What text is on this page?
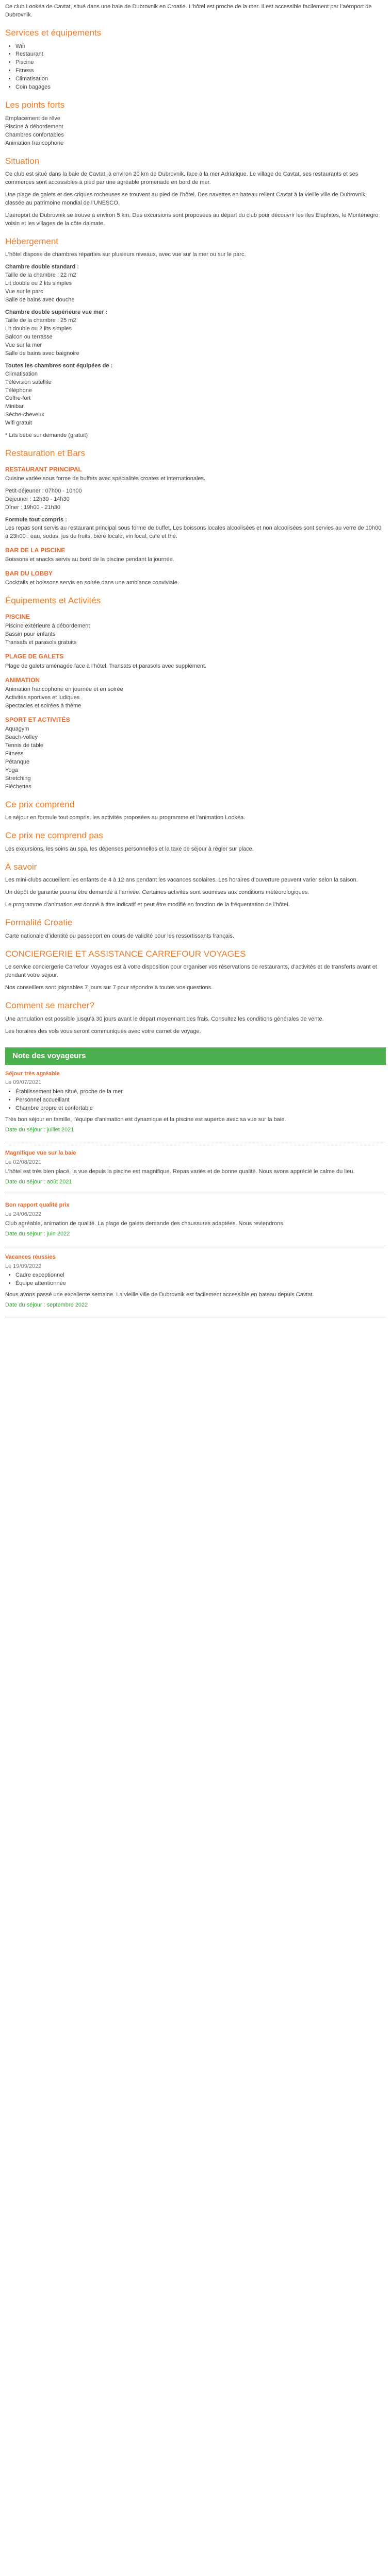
Ce club Lookéa de Cavtat, situé dans une baie de Dubrovnik en Croatie. L’hôtel est proche de la mer. Il est accessible facilement par l’aéroport de Dubrovnik.

Services et équipements
• Wifi
• Restaurant
• Piscine
• Fitness
• Climatisation
• Coin bagages
Les points forts

Emplacement de rêve

Piscine à débordement

Chambres confortables

Animation francophone

Situation

Ce club est situé dans la baie de Cavtat, à environ 20 km de Dubrovnik, face à la mer Adriatique. Le village de Cavtat, ses restaurants et ses commerces sont accessibles à pied par une agréable promenade en bord de mer.

Une plage de galets et des criques rocheuses se trouvent au pied de l’hôtel. Des navettes en bateau relient Cavtat à la vieille ville de Dubrovnik, classée au patrimoine mondial de l’UNESCO.

L’aéroport de Dubrovnik se trouve à environ 5 km. Des excursions sont proposées au départ du club pour découvrir les îles Elaphites, le Monténégro voisin et les villages de la côte dalmate.

Hébergement

L’hôtel dispose de chambres réparties sur plusieurs niveaux, avec vue sur la mer ou sur le parc.

Chambre double standard :

Taille de la chambre : 22 m2

Lit double ou 2 lits simples

Vue sur le parc

Salle de bains avec douche

Chambre double supérieure vue mer :

Taille de la chambre : 25 m2

Lit double ou 2 lits simples

Balcon ou terrasse

Vue sur la mer

Salle de bains avec baignoire

Toutes les chambres sont équipées de :

Climatisation

Télévision satellite

Téléphone

Coffre-fort

Minibar

Sèche-cheveux

Wifi gratuit

* Lits bébé sur demande (gratuit)

Restauration et Bars
RESTAURANT PRINCIPAL

Cuisine variée sous forme de buffets avec spécialités croates et internationales.

Petit-déjeuner : 07h00 - 10h00

Déjeuner : 12h30 - 14h30

Dîner : 19h00 - 21h30

Formule tout compris :

Les repas sont servis au restaurant principal sous forme de buffet. Les boissons locales alcoolisées et non alcoolisées sont servies au verre de 10h00 à 23h00 : eau, sodas, jus de fruits, bière locale, vin local, café et thé.

BAR DE LA PISCINE

Boissons et snacks servis au bord de la piscine pendant la journée.

BAR DU LOBBY

Cocktails et boissons servis en soirée dans une ambiance conviviale.

Équipements et Activités
PISCINE

Piscine extérieure à débordement

Bassin pour enfants

Transats et parasols gratuits

PLAGE DE GALETS

Plage de galets aménagée face à l’hôtel. Transats et parasols avec supplément.

ANIMATION

Animation francophone en journée et en soirée

Activités sportives et ludiques

Spectacles et soirées à thème

SPORT ET ACTIVITÉS

Aquagym

Beach-volley

Tennis de table

Fitness

Pétanque

Yoga

Stretching

Fléchettes

Ce prix comprend

Le séjour en formule tout compris, les activités proposées au programme et l’animation Lookéa.

Ce prix ne comprend pas

Les excursions, les soins au spa, les dépenses personnelles et la taxe de séjour à régler sur place.

À savoir

Les mini-clubs accueillent les enfants de 4 à 12 ans pendant les vacances scolaires. Les horaires d’ouverture peuvent varier selon la saison.

Un dépôt de garantie pourra être demandé à l’arrivée. Certaines activités sont soumises aux conditions météorologiques.

Le programme d’animation est donné à titre indicatif et peut être modifié en fonction de la fréquentation de l’hôtel.

Formalité Croatie

Carte nationale d’identité ou passeport en cours de validité pour les ressortissants français.

CONCIERGERIE ET ASSISTANCE CARREFOUR VOYAGES

Le service conciergerie Carrefour Voyages est à votre disposition pour organiser vos réservations de restaurants, d’activités et de transferts avant et pendant votre séjour.

Nos conseillers sont joignables 7 jours sur 7 pour répondre à toutes vos questions.

Comment se marcher?

Une annulation est possible jusqu’à 30 jours avant le départ moyennant des frais. Consultez les conditions générales de vente.

Les horaires des vols vous seront communiqués avec votre carnet de voyage.

Note des voyageurs

Séjour très agréable

Le 09/07/2021

• Établissement bien situé, proche de la mer
• Personnel accueillant
• Chambre propre et confortable

Très bon séjour en famille, l’équipe d’animation est dynamique et la piscine est superbe avec sa vue sur la baie.

Date du séjour : juillet 2021

Magnifique vue sur la baie

Le 02/08/2021

L’hôtel est très bien placé, la vue depuis la piscine est magnifique. Repas variés et de bonne qualité. Nous avons apprécié le calme du lieu.

Date du séjour : août 2021

Bon rapport qualité prix

Le 24/06/2022

Club agréable, animation de qualité. La plage de galets demande des chaussures adaptées. Nous reviendrons.

Date du séjour : juin 2022

Vacances réussies

Le 19/09/2022

• Cadre exceptionnel
• Équipe attentionnée

Nous avons passé une excellente semaine. La vieille ville de Dubrovnik est facilement accessible en bateau depuis Cavtat.

Date du séjour : septembre 2022
